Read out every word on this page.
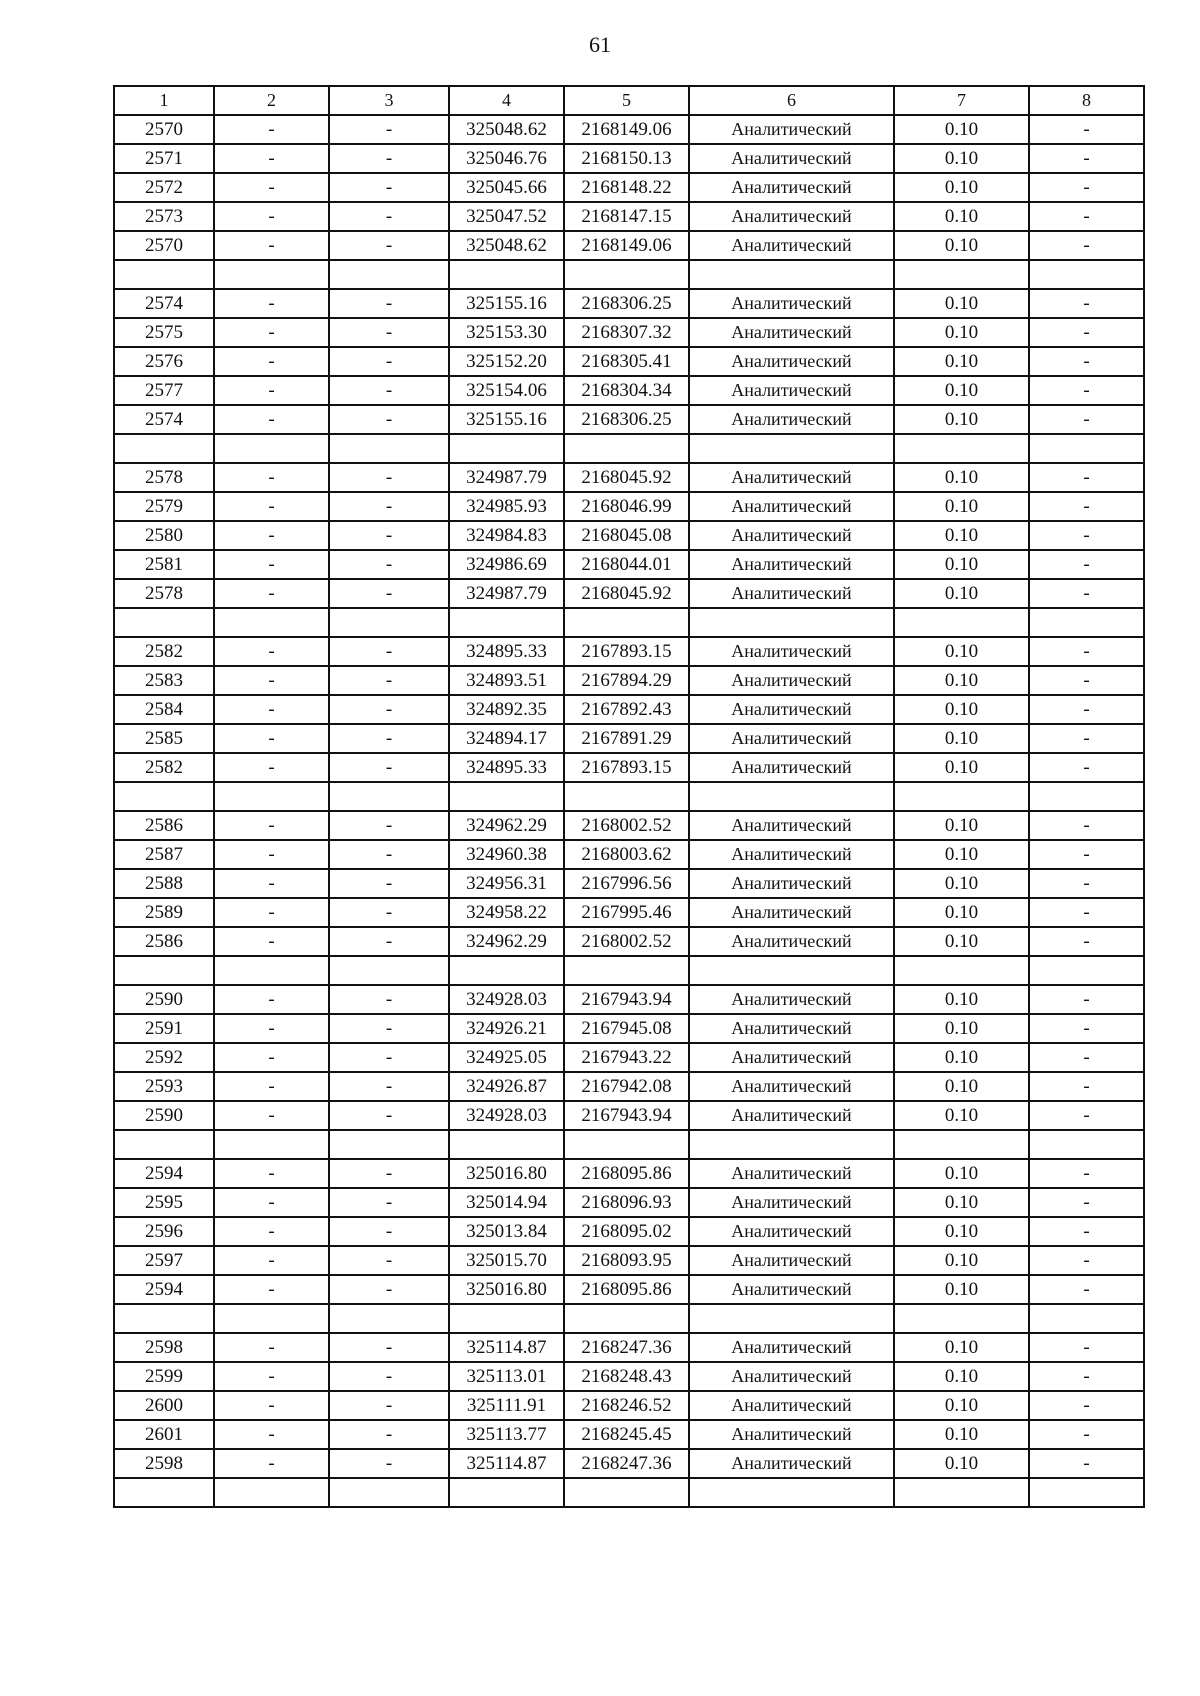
61
1	2	3	4	5	6	7	8
2570	-	-	325048.62	2168149.06	Аналитический	0.10	-
2571	-	-	325046.76	2168150.13	Аналитический	0.10	-
2572	-	-	325045.66	2168148.22	Аналитический	0.10	-
2573	-	-	325047.52	2168147.15	Аналитический	0.10	-
2570	-	-	325048.62	2168149.06	Аналитический	0.10	-

2574	-	-	325155.16	2168306.25	Аналитический	0.10	-
2575	-	-	325153.30	2168307.32	Аналитический	0.10	-
2576	-	-	325152.20	2168305.41	Аналитический	0.10	-
2577	-	-	325154.06	2168304.34	Аналитический	0.10	-
2574	-	-	325155.16	2168306.25	Аналитический	0.10	-

2578	-	-	324987.79	2168045.92	Аналитический	0.10	-
2579	-	-	324985.93	2168046.99	Аналитический	0.10	-
2580	-	-	324984.83	2168045.08	Аналитический	0.10	-
2581	-	-	324986.69	2168044.01	Аналитический	0.10	-
2578	-	-	324987.79	2168045.92	Аналитический	0.10	-

2582	-	-	324895.33	2167893.15	Аналитический	0.10	-
2583	-	-	324893.51	2167894.29	Аналитический	0.10	-
2584	-	-	324892.35	2167892.43	Аналитический	0.10	-
2585	-	-	324894.17	2167891.29	Аналитический	0.10	-
2582	-	-	324895.33	2167893.15	Аналитический	0.10	-

2586	-	-	324962.29	2168002.52	Аналитический	0.10	-
2587	-	-	324960.38	2168003.62	Аналитический	0.10	-
2588	-	-	324956.31	2167996.56	Аналитический	0.10	-
2589	-	-	324958.22	2167995.46	Аналитический	0.10	-
2586	-	-	324962.29	2168002.52	Аналитический	0.10	-

2590	-	-	324928.03	2167943.94	Аналитический	0.10	-
2591	-	-	324926.21	2167945.08	Аналитический	0.10	-
2592	-	-	324925.05	2167943.22	Аналитический	0.10	-
2593	-	-	324926.87	2167942.08	Аналитический	0.10	-
2590	-	-	324928.03	2167943.94	Аналитический	0.10	-

2594	-	-	325016.80	2168095.86	Аналитический	0.10	-
2595	-	-	325014.94	2168096.93	Аналитический	0.10	-
2596	-	-	325013.84	2168095.02	Аналитический	0.10	-
2597	-	-	325015.70	2168093.95	Аналитический	0.10	-
2594	-	-	325016.80	2168095.86	Аналитический	0.10	-

2598	-	-	325114.87	2168247.36	Аналитический	0.10	-
2599	-	-	325113.01	2168248.43	Аналитический	0.10	-
2600	-	-	325111.91	2168246.52	Аналитический	0.10	-
2601	-	-	325113.77	2168245.45	Аналитический	0.10	-
2598	-	-	325114.87	2168247.36	Аналитический	0.10	-
